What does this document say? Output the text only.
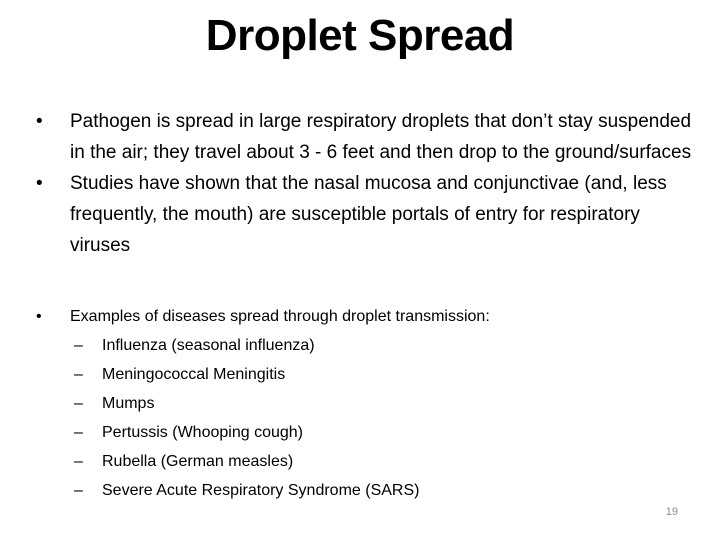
Droplet Spread
•	Pathogen is spread in large respiratory droplets that don’t stay suspended in the air; they travel about 3 - 6 feet and then drop to the ground/surfaces
•	Studies have shown that the nasal mucosa and conjunctivae (and, less frequently, the mouth) are susceptible portals of entry for respiratory viruses
•	Examples of diseases spread through droplet transmission:
– Influenza (seasonal influenza)
– Meningococcal Meningitis
– Mumps
– Pertussis (Whooping cough)
– Rubella (German measles)
– Severe Acute Respiratory Syndrome (SARS)
19
